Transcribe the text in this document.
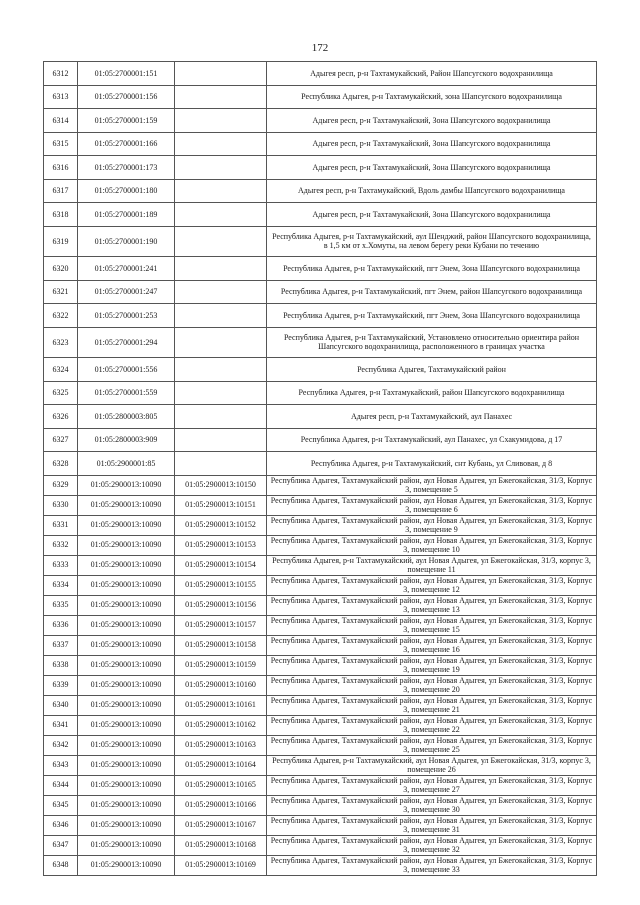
172
6312	01:05:2700001:151		Адыгея респ, р-н Тахтамукайский, Район Шапсугского водохранилища
6313	01:05:2700001:156		Республика Адыгея, р-н Тахтамукайский, зона Шапсугского водохранилища
6314	01:05:2700001:159		Адыгея респ, р-н Тахтамукайский, Зона Шапсугского водохранилища
6315	01:05:2700001:166		Адыгея респ, р-н Тахтамукайский, Зона Шапсугского водохранилища
6316	01:05:2700001:173		Адыгея респ, р-н Тахтамукайский, Зона Шапсугского водохранилища
6317	01:05:2700001:180		Адыгея респ, р-н Тахтамукайский, Вдоль дамбы Шапсугского водохранилища
6318	01:05:2700001:189		Адыгея респ, р-н Тахтамукайский, Зона Шапсугского водохранилища
6319	01:05:2700001:190		Республика Адыгея, р-н Тахтамукайский, аул Шенджий, район Шапсугского водохранилища, в 1,5 км от х.Хомуты, на левом берегу реки Кубани по течению
6320	01:05:2700001:241		Республика Адыгея, р-н Тахтамукайский, пгт Энем, Зона Шапсугского водохранилища
6321	01:05:2700001:247		Республика Адыгея, р-н Тахтамукайский, пгт Энем, район Шапсугского водохранилища
6322	01:05:2700001:253		Республика Адыгея, р-н Тахтамукайский, пгт Энем, Зона Шапсугского водохранилища
6323	01:05:2700001:294		Республика Адыгея, р-н Тахтамукайский, Установлено относительно ориентира район Шапсугского водохранилища, расположенного в границах участка
6324	01:05:2700001:556		Республика Адыгея, Тахтамукайский район
6325	01:05:2700001:559		Республика Адыгея, р-н Тахтамукайский, район Шапсугского водохранилища
6326	01:05:2800003:805		Адыгея респ, р-н Тахтамукайский, аул Панахес
6327	01:05:2800003:909		Республика Адыгея, р-н Тахтамукайский, аул Панахес, ул Схакумидова, д 17
6328	01:05:2900001:85		Республика Адыгея, р-н Тахтамукайский, снт Кубань, ул Сливовая, д 8
6329	01:05:2900013:10090	01:05:2900013:10150	Республика Адыгея, Тахтамукайский район, аул Новая Адыгея, ул Бжегокайская, 31/3, Корпус 3, помещение 5
6330	01:05:2900013:10090	01:05:2900013:10151	Республика Адыгея, Тахтамукайский район, аул Новая Адыгея, ул Бжегокайская, 31/3, Корпус 3, помещение 6
6331	01:05:2900013:10090	01:05:2900013:10152	Республика Адыгея, Тахтамукайский район, аул Новая Адыгея, ул Бжегокайская, 31/3, Корпус 3, помещение 9
6332	01:05:2900013:10090	01:05:2900013:10153	Республика Адыгея, Тахтамукайский район, аул Новая Адыгея, ул Бжегокайская, 31/3, Корпус 3, помещение 10
6333	01:05:2900013:10090	01:05:2900013:10154	Республика Адыгея, р-н Тахтамукайский, аул Новая Адыгея, ул Бжегокайская, 31/3, корпус 3, помещение 11
6334	01:05:2900013:10090	01:05:2900013:10155	Республика Адыгея, Тахтамукайский район, аул Новая Адыгея, ул Бжегокайская, 31/3, Корпус 3, помещение 12
6335	01:05:2900013:10090	01:05:2900013:10156	Республика Адыгея, Тахтамукайский район, аул Новая Адыгея, ул Бжегокайская, 31/3, Корпус 3, помещение 13
6336	01:05:2900013:10090	01:05:2900013:10157	Республика Адыгея, Тахтамукайский район, аул Новая Адыгея, ул Бжегокайская, 31/3, Корпус 3, помещение 15
6337	01:05:2900013:10090	01:05:2900013:10158	Республика Адыгея, Тахтамукайский район, аул Новая Адыгея, ул Бжегокайская, 31/3, Корпус 3, помещение 16
6338	01:05:2900013:10090	01:05:2900013:10159	Республика Адыгея, Тахтамукайский район, аул Новая Адыгея, ул Бжегокайская, 31/3, Корпус 3, помещение 19
6339	01:05:2900013:10090	01:05:2900013:10160	Республика Адыгея, Тахтамукайский район, аул Новая Адыгея, ул Бжегокайская, 31/3, Корпус 3, помещение 20
6340	01:05:2900013:10090	01:05:2900013:10161	Республика Адыгея, Тахтамукайский район, аул Новая Адыгея, ул Бжегокайская, 31/3, Корпус 3, помещение 21
6341	01:05:2900013:10090	01:05:2900013:10162	Республика Адыгея, Тахтамукайский район, аул Новая Адыгея, ул Бжегокайская, 31/3, Корпус 3, помещение 22
6342	01:05:2900013:10090	01:05:2900013:10163	Республика Адыгея, Тахтамукайский район, аул Новая Адыгея, ул Бжегокайская, 31/3, Корпус 3, помещение 25
6343	01:05:2900013:10090	01:05:2900013:10164	Республика Адыгея, р-н Тахтамукайский, аул Новая Адыгея, ул Бжегокайская, 31/3, корпус 3, помещение 26
6344	01:05:2900013:10090	01:05:2900013:10165	Республика Адыгея, Тахтамукайский район, аул Новая Адыгея, ул Бжегокайская, 31/3, Корпус 3, помещение 27
6345	01:05:2900013:10090	01:05:2900013:10166	Республика Адыгея, Тахтамукайский район, аул Новая Адыгея, ул Бжегокайская, 31/3, Корпус 3, помещение 30
6346	01:05:2900013:10090	01:05:2900013:10167	Республика Адыгея, Тахтамукайский район, аул Новая Адыгея, ул Бжегокайская, 31/3, Корпус 3, помещение 31
6347	01:05:2900013:10090	01:05:2900013:10168	Республика Адыгея, Тахтамукайский район, аул Новая Адыгея, ул Бжегокайская, 31/3, Корпус 3, помещение 32
6348	01:05:2900013:10090	01:05:2900013:10169	Республика Адыгея, Тахтамукайский район, аул Новая Адыгея, ул Бжегокайская, 31/3, Корпус 3, помещение 33
